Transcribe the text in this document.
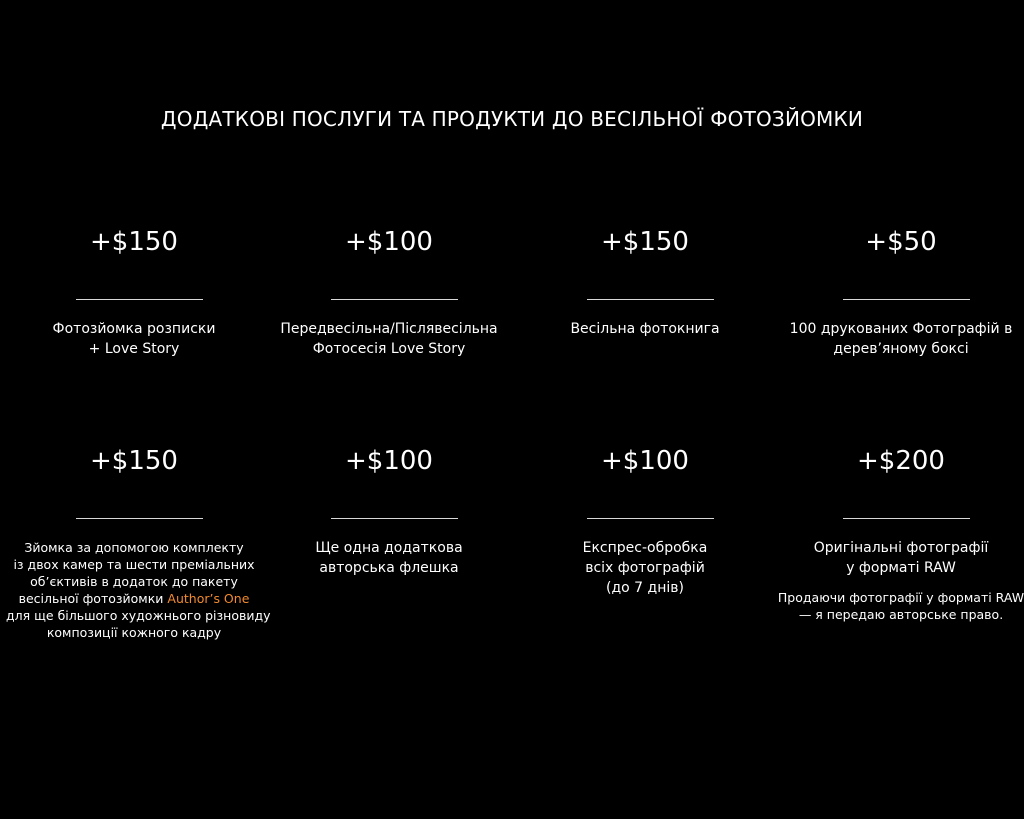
ДОДАТКОВІ ПОСЛУГИ ТА ПРОДУКТИ ДО ВЕСІЛЬНОЇ ФОТОЗЙОМКИ
+$150
Фотозйомка розписки
+ Love Story
+$100
Передвесільна/Післявесільна
Фотосесія Love Story
+$150
Весільна фотокнига
+$50
100 друкованих Фотографій в
дерев’яному боксі
+$150
Зйомка за допомогою комплекту
із двох камер та шести преміальних
об’єктивів в додаток до пакету
весільної фотозйомки Author’s One
для ще більшого художнього різновиду
композиції кожного кадру
+$100
Ще одна додаткова
авторська флешка
+$100
Експрес-обробка
всіх фотографій
(до 7 днів)
+$200
Оригінальні фотографії
у форматі RAW
Продаючи фотографії у форматі RAW
— я передаю авторське право.
